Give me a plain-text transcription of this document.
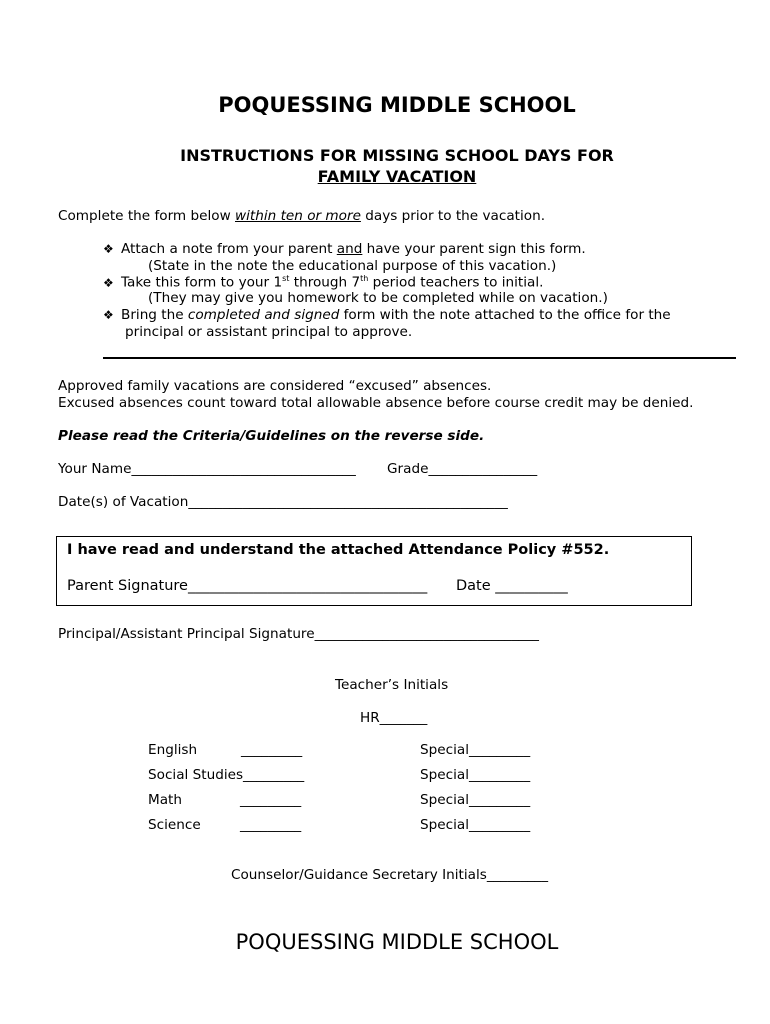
POQUESSING MIDDLE SCHOOL
INSTRUCTIONS FOR MISSING SCHOOL DAYS FOR
FAMILY VACATION
Complete the form below within ten or more days prior to the vacation.
❖ Attach a note from your parent and have your parent sign this form.
(State in the note the educational purpose of this vacation.)
❖ Take this form to your 1st through 7th period teachers to initial.
(They may give you homework to be completed while on vacation.)
❖ Bring the completed and signed form with the note attached to the office for the
principal or assistant principal to approve.
Approved family vacations are considered “excused” absences.
Excused absences count toward total allowable absence before course credit may be denied.
Please read the Criteria/Guidelines on the reverse side.
Your Name_________________________________ Grade________________
Date(s) of Vacation_______________________________________________
I have read and understand the attached Attendance Policy #552.
Parent Signature_________________________________ Date __________
Principal/Assistant Principal Signature_________________________________
Teacher’s Initials
HR_______
English	_________	Special_________
Social Studies_________	Special_________
Math	_________	Special_________
Science	_________	Special_________
Counselor/Guidance Secretary Initials_________
POQUESSING MIDDLE SCHOOL
